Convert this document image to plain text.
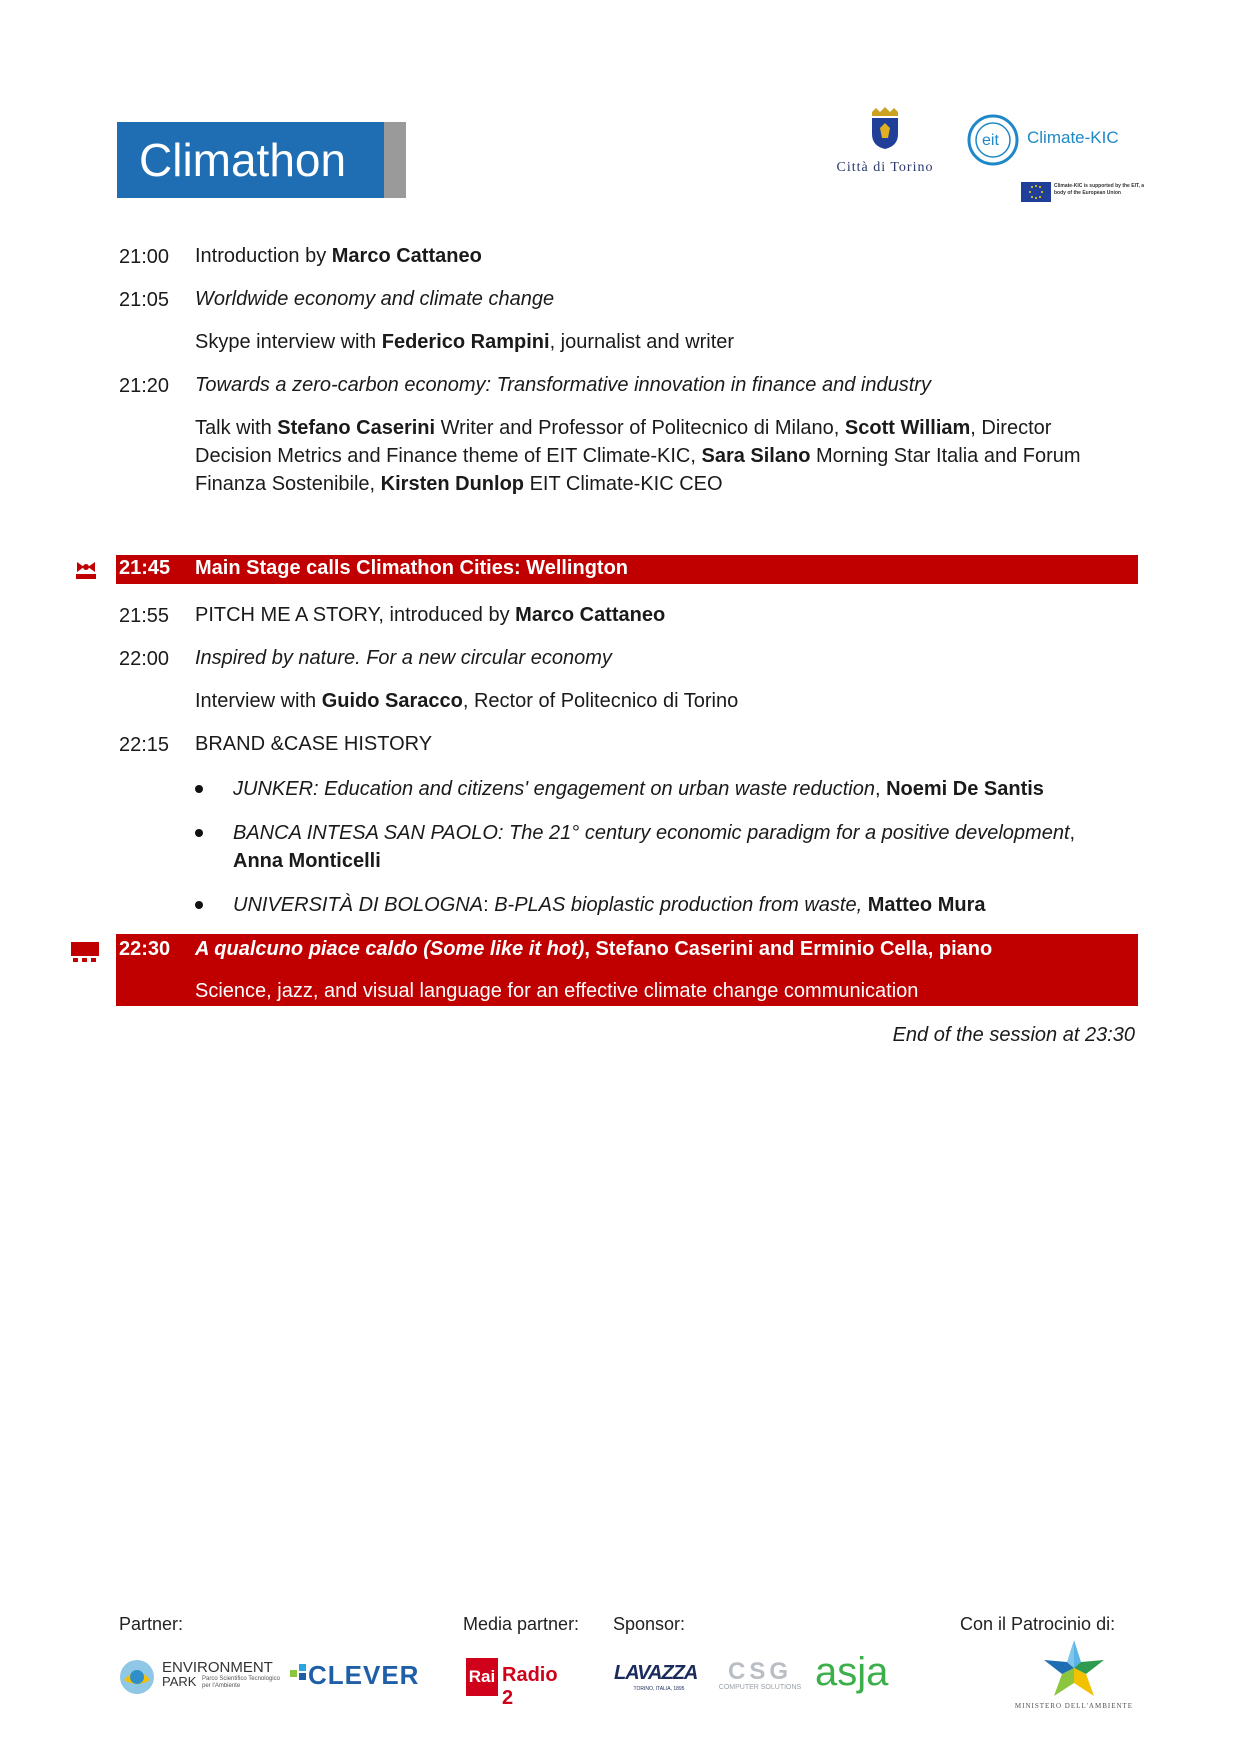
Climathon	Città di Torino
eit Climate-KIC
Climate-KIC is supported by the EIT, a body of the European Union
21:00	Introduction by Marco Cattaneo
21:05	Worldwide economy and climate change
Skype interview with Federico Rampini, journalist and writer
21:20	Towards a zero-carbon economy: Transformative innovation in finance and industry
Talk with Stefano Caserini Writer and Professor of Politecnico di Milano, Scott William, Director Decision Metrics and Finance theme of EIT Climate-KIC, Sara Silano Morning Star Italia and Forum Finanza Sostenibile, Kirsten Dunlop EIT Climate-KIC CEO
21:45 Main Stage calls Climathon Cities: Wellington
21:55	PITCH ME A STORY, introduced by Marco Cattaneo
22:00	Inspired by nature. For a new circular economy
Interview with Guido Saracco, Rector of Politecnico di Torino
22:15	BRAND &CASE HISTORY
JUNKER: Education and citizens' engagement on urban waste reduction, Noemi De Santis
BANCA INTESA SAN PAOLO: The 21° century economic paradigm for a positive development,
Anna Monticelli
UNIVERSITÀ DI BOLOGNA: B-PLAS bioplastic production from waste, Matteo Mura
22:30 A qualcuno piace caldo (Some like it hot), Stefano Caserini and Erminio Cella, piano
Science, jazz, and visual language for an effective climate change communication
End of the session at 23:30
Partner:	Media partner: Sponsor:	Con il Patrocinio di:
ENVIRONMENT
PARK Parco Scientifico Tecnologico per l'Ambiente	CLEVER	Rai Radio 2
LAVAZZA
TORINO, ITALIA, 1895
CSG
COMPUTER SOLUTIONS asja
MINISTERO DELL'AMBIENTE
